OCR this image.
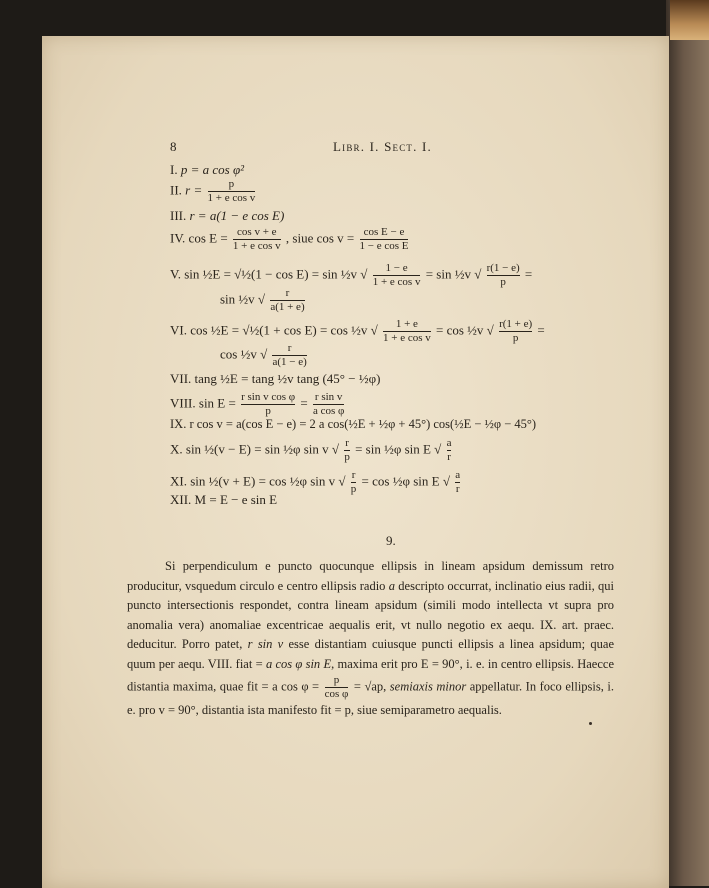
8	Libr. I. Sect. I.
I. p = a cos φ²
II. $r = \frac{p}{\text{1 + e cos v}}$
III. r = a(1 − e cos E)
IV. $\cos E = \frac{\text{cos v + e}}{\text{1 + e cos v}}$ , siue $\cos v = \frac{\text{cos E − e}}{\text{1 − e cos E}}$
V. sin ½E = √½(1 − cos E) = sin ½v √ $\frac{1 - e}{\text{1 + e cos v}} = \sin$ ½v √ $\frac{r(1 - e)}{p}$ =
sin ½v √ $\frac{r}{a(1 + e)}$
VI. cos ½E = √½(1 + cos E) = cos ½v √ $\frac{1 + e}{\text{1 + e cos v}} = \cos$ ½v √ $\frac{r(1 + e)}{p}$ =
cos ½v √ $\frac{r}{a(1 - e)}$
VII. tang ½E = tang ½v tang (45° − ½φ)
VIII. $\sin E = \frac{\text{r sin v cos φ}}{p} = \frac{\text{r sin v}}{\text{a cos φ}}$
IX. r cos v = a(cos E − e) = 2 a cos(½E + ½φ + 45°) cos(½E − ½φ − 45°)
X. sin ½(v − E) = sin ½φ sin v √ $\frac{r}{p} = \sin$ ½φ sin E √ $\frac{a}{r}$
XI. sin ½(v + E) = cos ½φ sin v √ $\frac{r}{p} = \cos$ ½φ sin E √ $\frac{a}{r}$
XII. M = E − e sin E
9.
Si perpendiculum e puncto quocunque ellipsis in lineam apsidum demissum retro producitur, vsquedum circulo e centro ellipsis radio a descripto occurrat, inclinatio eius radii, qui puncto intersectionis respondet, contra lineam apsidum (simili modo intellecta vt supra pro anomalia vera) anomaliae excentricae aequalis erit, vt nullo negotio ex aequ. IX. art. praec. deducitur. Porro patet, r sin v esse distantiam cuiusque puncti ellipsis a linea apsidum; quae quum per aequ. VIII. fiat = a cos φ sin E, maxima erit pro E = 90°, i. e. in centro ellipsis. Haecce distantia maxima, quae fit = a $\cos \varphi = \frac{p}{\text{cos φ}} = √ap$, semiaxis minor appellatur. In foco ellipsis, i. e. pro v = 90°, distantia ista manifesto fit = p, siue semiparametro aequalis.
